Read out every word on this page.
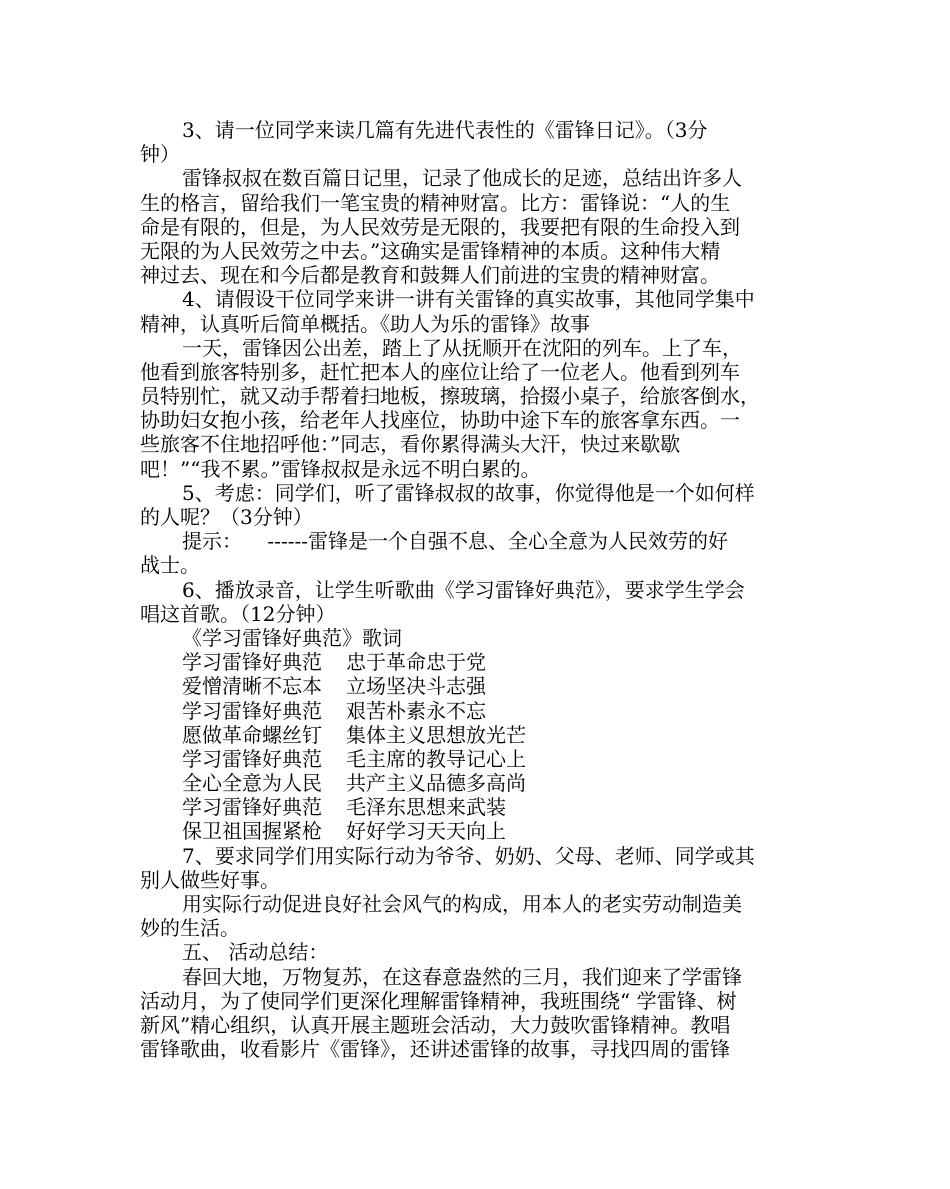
3、请一位同学来读几篇有先进代表性的《雷锋日记》。（3分
钟）
雷锋叔叔在数百篇日记里，记录了他成长的足迹，总结出许多人
生的格言，留给我们一笔宝贵的精神财富。比方：雷锋说：“人的生
命是有限的，但是，为人民效劳是无限的，我要把有限的生命投入到
无限的为人民效劳之中去。”这确实是雷锋精神的本质。这种伟大精
神过去、现在和今后都是教育和鼓舞人们前进的宝贵的精神财富。
4、请假设干位同学来讲一讲有关雷锋的真实故事，其他同学集中
精神，认真听后简单概括。《助人为乐的雷锋》故事
一天，雷锋因公出差，踏上了从抚顺开在沈阳的列车。上了车，
他看到旅客特别多，赶忙把本人的座位让给了一位老人。他看到列车
员特别忙，就又动手帮着扫地板，擦玻璃，拾掇小桌子，给旅客倒水，
协助妇女抱小孩，给老年人找座位，协助中途下车的旅客拿东西。一
些旅客不住地招呼他：”同志，看你累得满头大汗，快过来歇歇
吧！”“我不累。”雷锋叔叔是永远不明白累的。
5、考虑：同学们，听了雷锋叔叔的故事，你觉得他是一个如何样
的人呢？（3分钟）
提示：    ------雷锋是一个自强不息、全心全意为人民效劳的好
战士。
6、播放录音，让学生听歌曲《学习雷锋好典范》，要求学生学会
唱这首歌。（12分钟）
《学习雷锋好典范》歌词
学习雷锋好典范 忠于革命忠于党
爱憎清晰不忘本 立场坚决斗志强
学习雷锋好典范 艰苦朴素永不忘
愿做革命螺丝钉 集体主义思想放光芒
学习雷锋好典范 毛主席的教导记心上
全心全意为人民 共产主义品德多高尚
学习雷锋好典范 毛泽东思想来武装
保卫祖国握紧枪 好好学习天天向上
7、要求同学们用实际行动为爷爷、奶奶、父母、老师、同学或其
别人做些好事。
用实际行动促进良好社会风气的构成，用本人的老实劳动制造美
妙的生活。
五、 活动总结：
春回大地，万物复苏，在这春意盎然的三月，我们迎来了学雷锋
活动月，为了使同学们更深化理解雷锋精神，我班围绕“ 学雷锋、树
新风”精心组织，认真开展主题班会活动，大力鼓吹雷锋精神。教唱
雷锋歌曲，收看影片《雷锋》，还讲述雷锋的故事，寻找四周的雷锋
